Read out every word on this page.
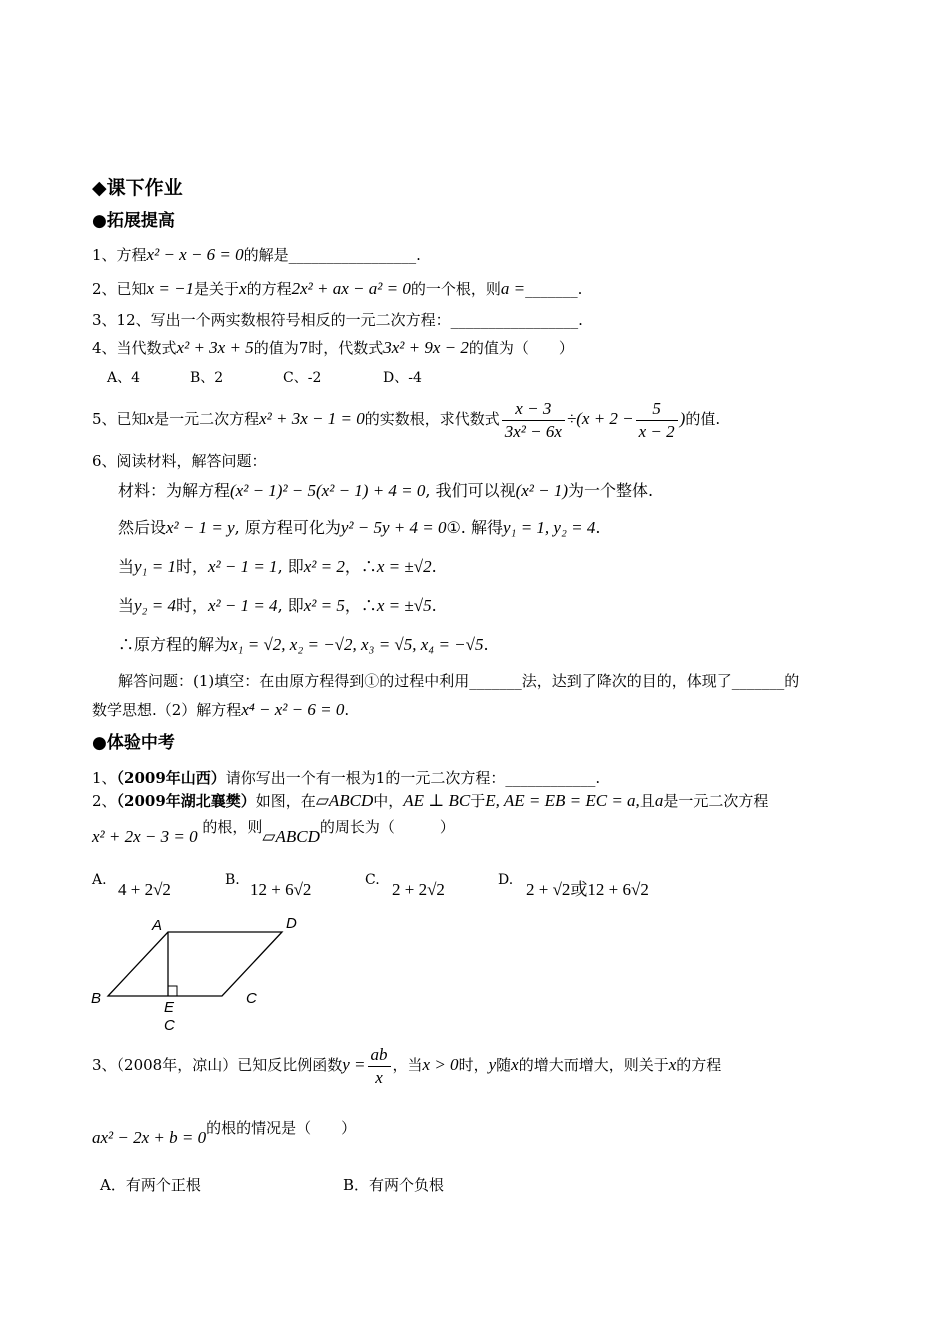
◆课下作业
●拓展提高
1、方程x² − x − 6 = 0的解是_________________.
2、已知x = −1是关于x的方程2x² + ax − a² = 0的一个根，则a =_______.
3、12、写出一个两实数根符号相反的一元二次方程：_________________.
4、当代数式x² + 3x + 5的值为7时，代数式3x² + 9x − 2的值为（　　）
A、4	B、2	C、-2	D、-4
5、已知x是一元二次方程x² + 3x − 1 = 0的实数根，求代数式 $\frac{x - 3}{\text{3x² − 6x}} \div(x + 2 - \frac{5}{x - 2}$ )的值.
6、阅读材料，解答问题：
材料：为解方程(x² − 1)² − 5(x² − 1) + 4 = 0, 我们可以视(x² − 1)为一个整体.
然后设x² − 1 = y, 原方程可化为y² − 5y + 4 = 0①. 解得y₁ = 1, y₂ = 4.
当y₁ = 1时，x² − 1 = 1, 即x² = 2，∴x = ±√2.
当y₂ = 4时，x² − 1 = 4, 即x² = 5，∴x = ±√5.
∴原方程的解为x₁ = √2, x₂ = −√2, x₃ = √5, x₄ = −√5.
解答问题：(1)填空：在由原方程得到①的过程中利用_______法，达到了降次的目的，体现了_______的
数学思想.（2）解方程x⁴ − x² − 6 = 0.
●体验中考
1、（2009年山西）请你写出一个有一根为1的一元二次方程：____________.
2、（2009年湖北襄樊）如图，在▱ABCD中，AE ⊥ BC于E, AE = EB = EC = a,且a是一元二次方程
x² + 2x − 3 = 0 的根，则▱ABCD的周长为（　　　）
A. 4 + 2√2	B. 12 + 6√2	C. 2 + 2√2	D. 2 + √2或12 + 6√2
A	D
B	C
E
C
3、（2008年，凉山）已知反比例函数$y = \frac{ab}{x}$ ，当x > 0时，y随x的增大而增大，则关于x的方程
ax² − 2x + b = 0的根的情况是（　　）
A．有两个正根	B．有两个负根
